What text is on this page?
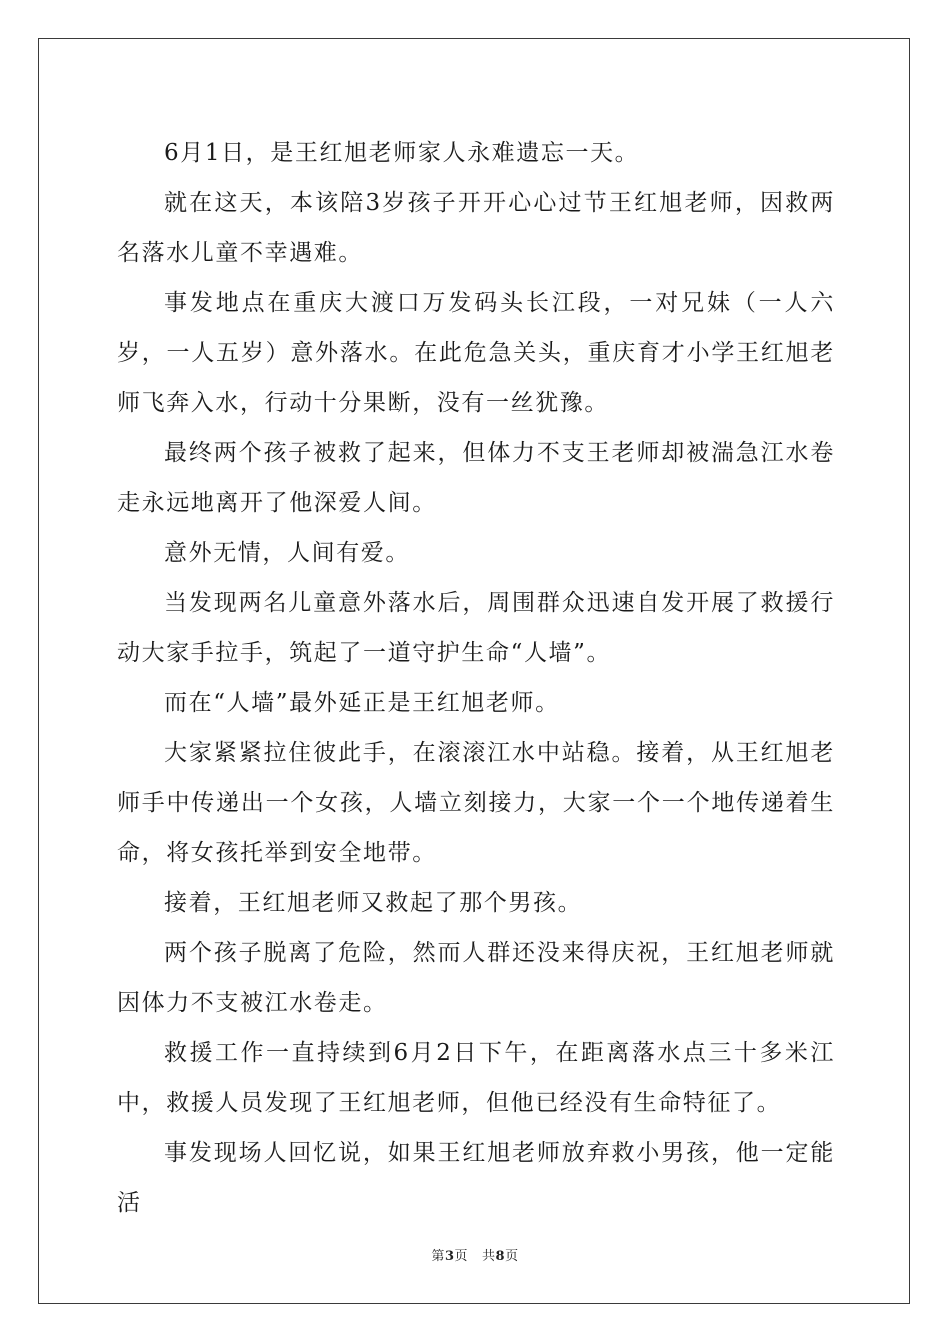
6月1日，是王红旭老师家人永难遗忘一天。

就在这天，本该陪3岁孩子开开心心过节王红旭老师，因救两名落水儿童不幸遇难。

事发地点在重庆大渡口万发码头长江段，一对兄妹（一人六岁，一人五岁）意外落水。在此危急关头，重庆育才小学王红旭老师飞奔入水，行动十分果断，没有一丝犹豫。

最终两个孩子被救了起来，但体力不支王老师却被湍急江水卷走永远地离开了他深爱人间。

意外无情，人间有爱。

当发现两名儿童意外落水后，周围群众迅速自发开展了救援行动大家手拉手，筑起了一道守护生命“人墙”。

而在“人墙”最外延正是王红旭老师。

大家紧紧拉住彼此手，在滚滚江水中站稳。接着，从王红旭老师手中传递出一个女孩，人墙立刻接力，大家一个一个地传递着生命，将女孩托举到安全地带。

接着，王红旭老师又救起了那个男孩。

两个孩子脱离了危险，然而人群还没来得庆祝，王红旭老师就因体力不支被江水卷走。

救援工作一直持续到6月2日下午，在距离落水点三十多米江中，救援人员发现了王红旭老师，但他已经没有生命特征了。

事发现场人回忆说，如果王红旭老师放弃救小男孩，他一定能活

第3页 共8页
